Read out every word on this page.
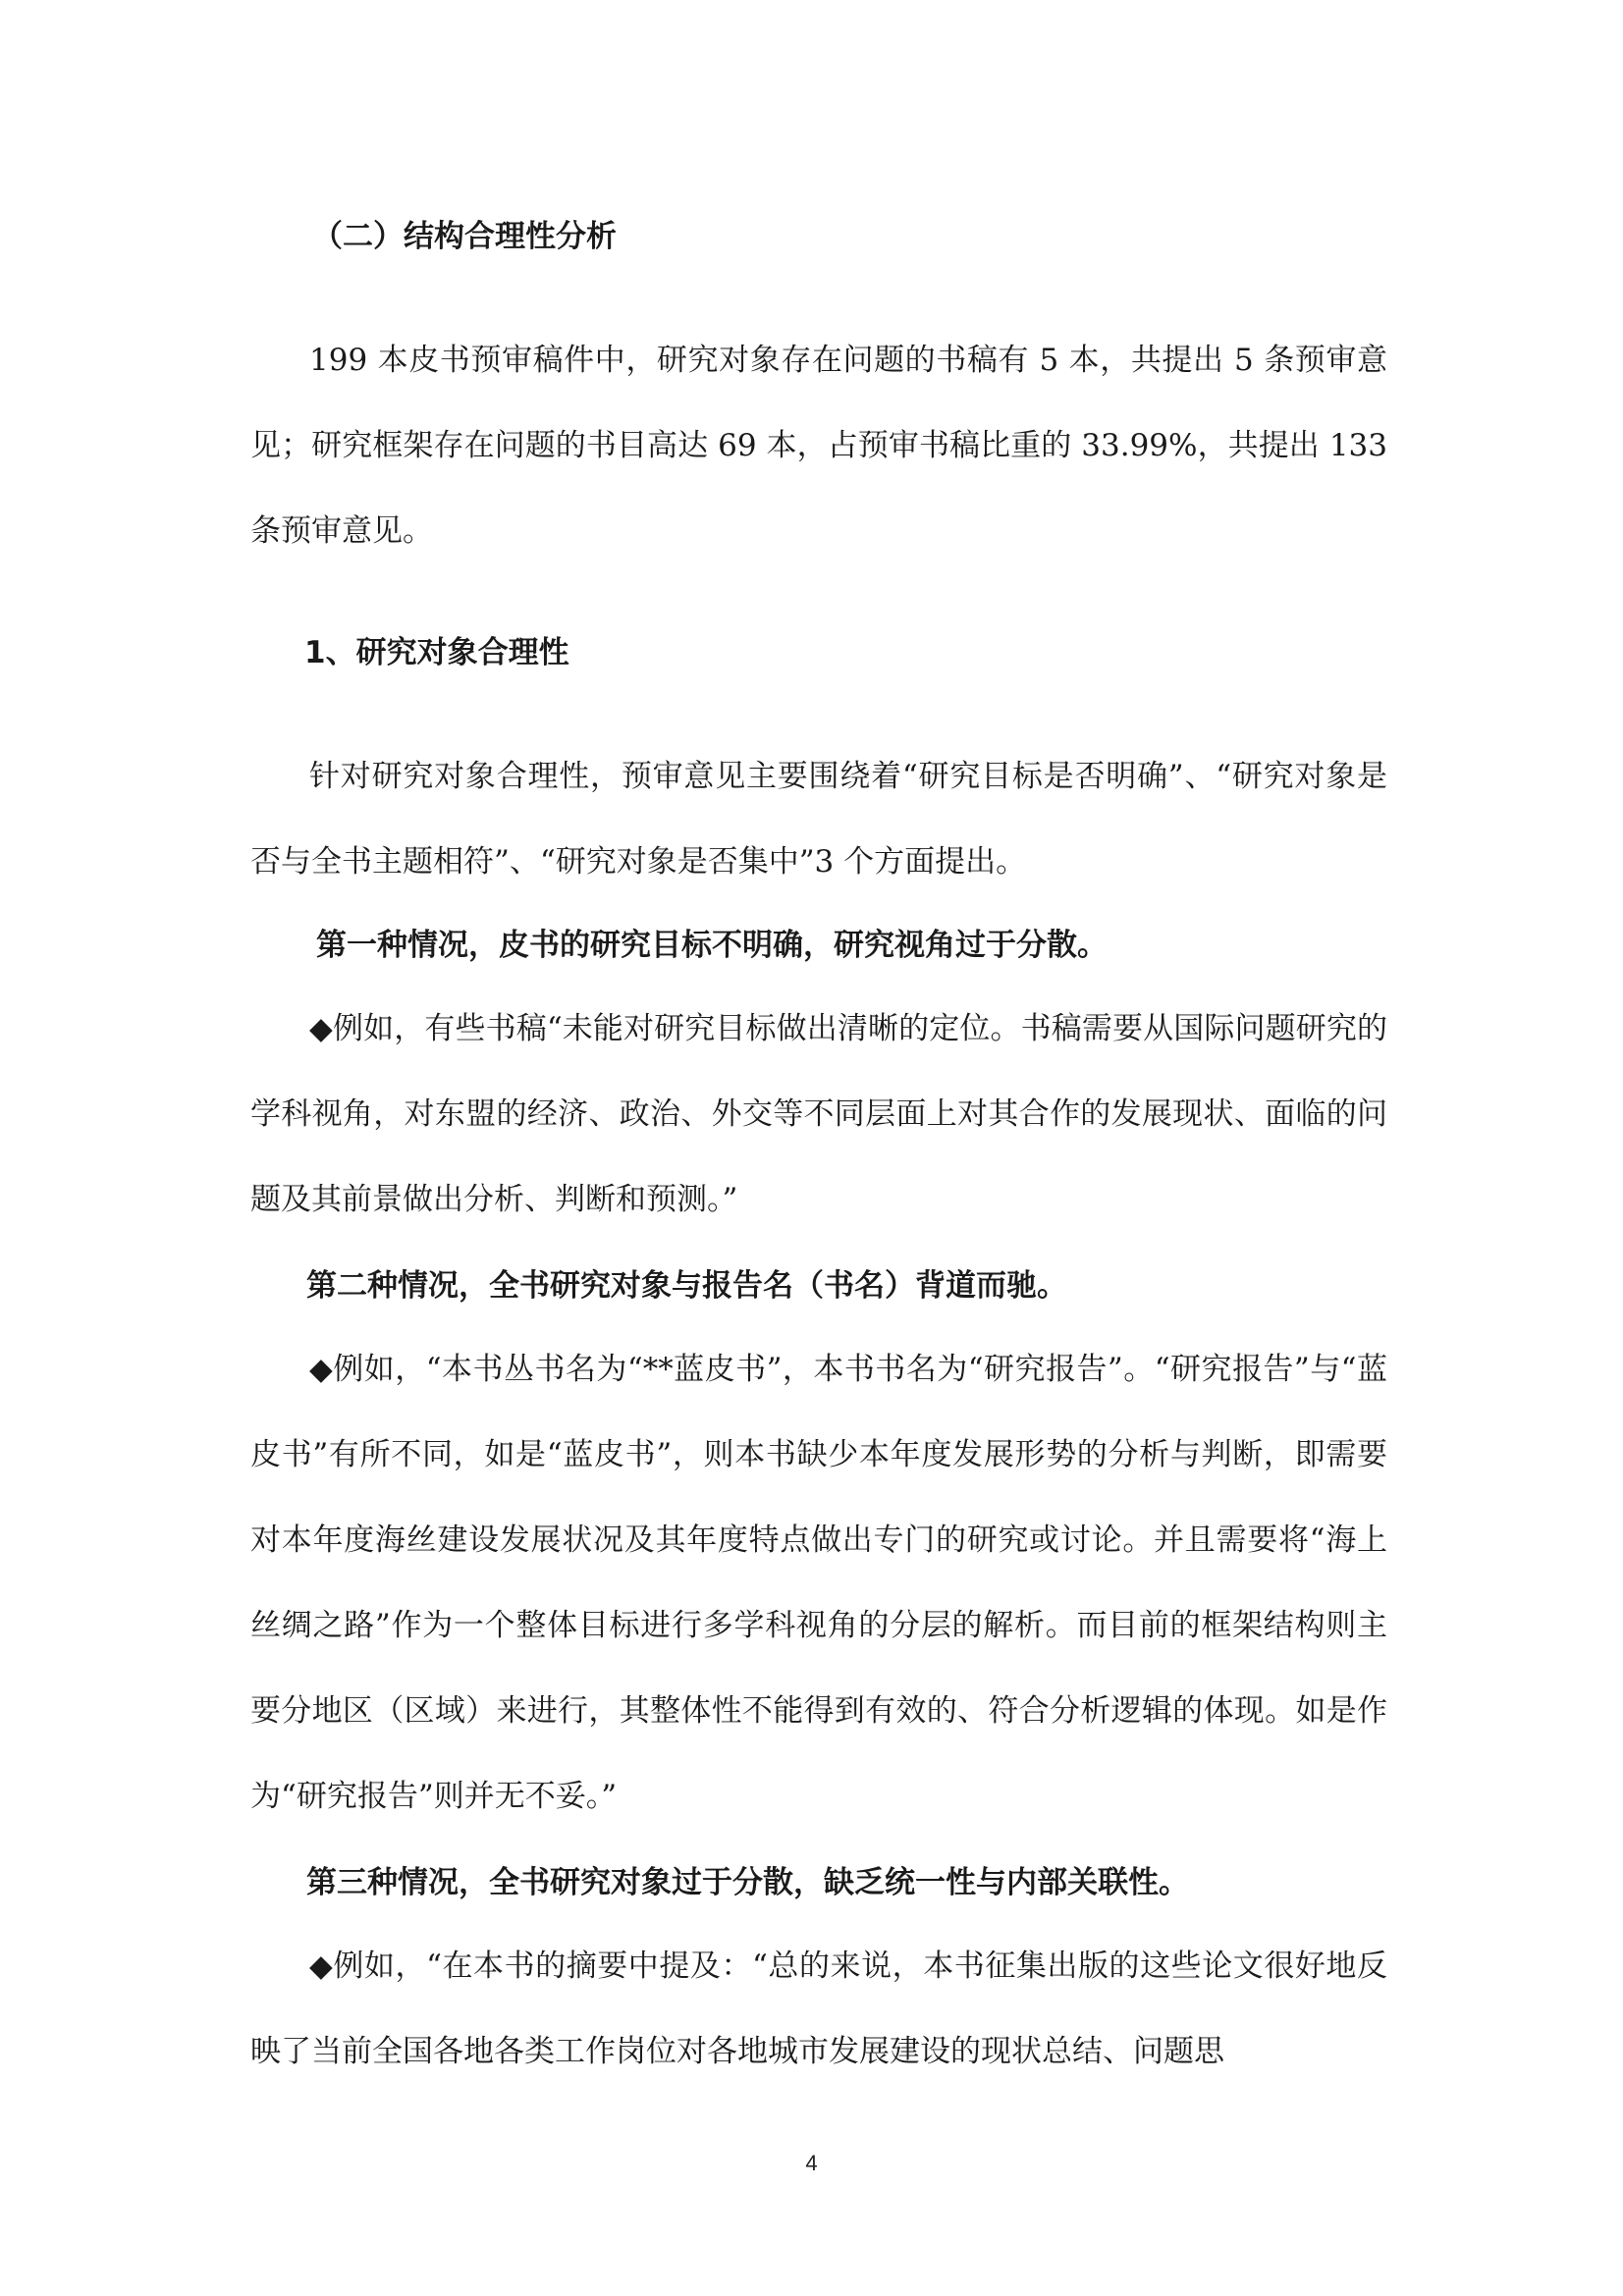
（二）结构合理性分析

199 本皮书预审稿件中，研究对象存在问题的书稿有 5 本，共提出 5 条预审意见；研究框架存在问题的书目高达 69 本，占预审书稿比重的 33.99%，共提出 133 条预审意见。

1、研究对象合理性

针对研究对象合理性，预审意见主要围绕着“研究目标是否明确”、“研究对象是否与全书主题相符”、“研究对象是否集中”3 个方面提出。

第一种情况，皮书的研究目标不明确，研究视角过于分散。

◆例如，有些书稿“未能对研究目标做出清晰的定位。书稿需要从国际问题研究的学科视角，对东盟的经济、政治、外交等不同层面上对其合作的发展现状、面临的问题及其前景做出分析、判断和预测。”

第二种情况，全书研究对象与报告名（书名）背道而驰。

◆例如，“本书丛书名为“**蓝皮书”，本书书名为“研究报告”。“研究报告”与“蓝皮书”有所不同，如是“蓝皮书”，则本书缺少本年度发展形势的分析与判断，即需要对本年度海丝建设发展状况及其年度特点做出专门的研究或讨论。并且需要将“海上丝绸之路”作为一个整体目标进行多学科视角的分层的解析。而目前的框架结构则主要分地区（区域）来进行，其整体性不能得到有效的、符合分析逻辑的体现。如是作为“研究报告”则并无不妥。”

第三种情况，全书研究对象过于分散，缺乏统一性与内部关联性。

◆例如，“在本书的摘要中提及：“总的来说，本书征集出版的这些论文很好地反映了当前全国各地各类工作岗位对各地城市发展建设的现状总结、问题思

4
